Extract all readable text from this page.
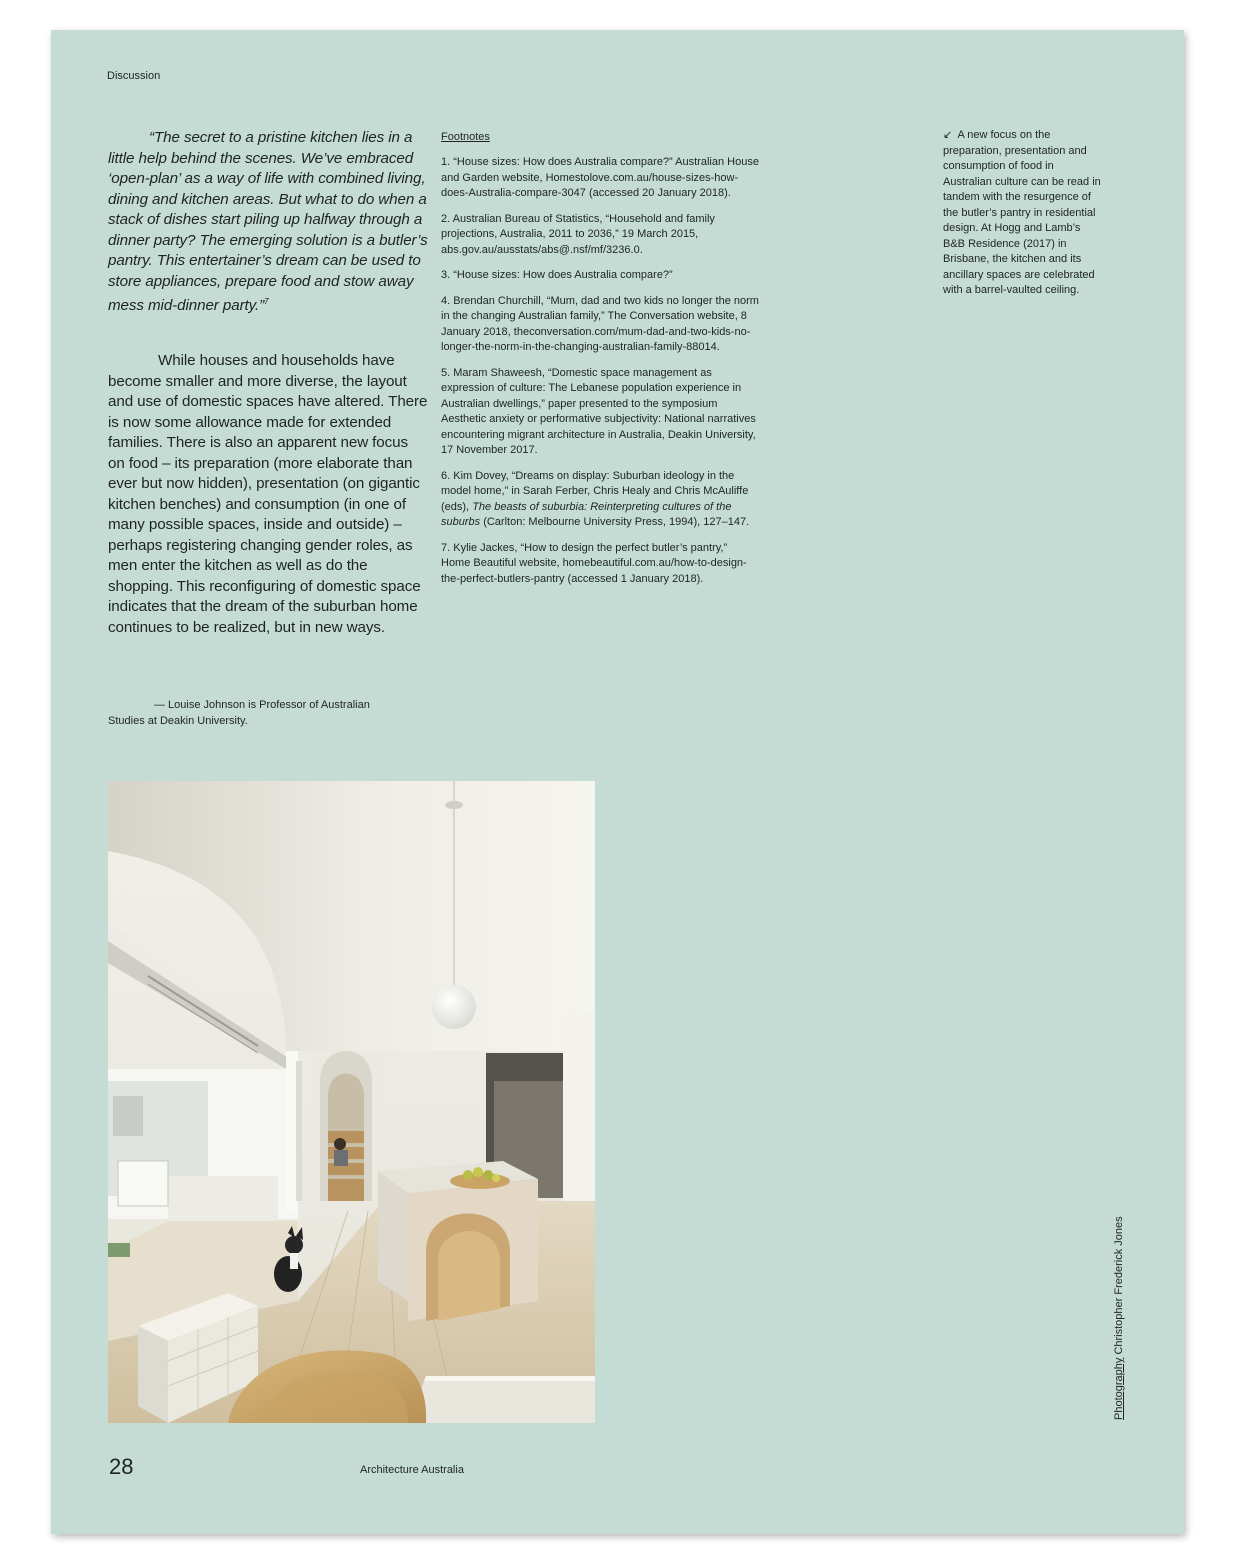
Discussion

“The secret to a pristine kitchen lies in a little help behind the scenes. We’ve embraced ‘open-plan’ as a way of life with combined living, dining and kitchen areas. But what to do when a stack of dishes start piling up halfway through a dinner party? The emerging solution is a butler’s pantry. This entertainer’s dream can be used to store appliances, prepare food and stow away mess mid-dinner party.”$^7$

While houses and households have become smaller and more diverse, the layout and use of domestic spaces have altered. There is now some allowance made for extended families. There is also an apparent new focus on food – its preparation (more elaborate than ever but now hidden), presentation (on gigantic kitchen benches) and consumption (in one of many possible spaces, inside and outside) – perhaps registering changing gender roles, as men enter the kitchen as well as do the shopping. This reconfiguring of domestic space indicates that the dream of the suburban home continues to be realized, but in new ways.

— Louise Johnson is Professor of Australian Studies at Deakin University.

Footnotes

1. “House sizes: How does Australia compare?” Australian House and Garden website, Homestolove.com.au/house-sizes-how-does-Australia-compare-3047 (accessed 20 January 2018).

2. Australian Bureau of Statistics, “Household and family projections, Australia, 2011 to 2036,” 19 March 2015, abs.gov.au/ausstats/abs@.nsf/mf/3236.0.

3. “House sizes: How does Australia compare?”

4. Brendan Churchill, “Mum, dad and two kids no longer the norm in the changing Australian family,” The Conversation website, 8 January 2018, theconversation.com/mum-dad-and-two-kids-no-longer-the-norm-in-the-changing-australian-family-88014.

5. Maram Shaweesh, “Domestic space management as expression of culture: The Lebanese population experience in Australian dwellings,” paper presented to the symposium Aesthetic anxiety or performative subjectivity: National narratives encountering migrant architecture in Australia, Deakin University, 17 November 2017.

6. Kim Dovey, “Dreams on display: Suburban ideology in the model home,” in Sarah Ferber, Chris Healy and Chris McAuliffe (eds), The beasts of suburbia: Reinterpreting cultures of the suburbs (Carlton: Melbourne University Press, 1994), 127–147.

7. Kylie Jackes, “How to design the perfect butler’s pantry,” Home Beautiful website, homebeautiful.com.au/how-to-design-the-perfect-butlers-pantry (accessed 1 January 2018).

↙ A new focus on the preparation, presentation and consumption of food in Australian culture can be read in tandem with the resurgence of the butler’s pantry in residential design. At Hogg and Lamb’s B&B Residence (2017) in Brisbane, the kitchen and its ancillary spaces are celebrated with a barrel-vaulted ceiling.

Photography Christopher Frederick Jones
28	Architecture Australia
